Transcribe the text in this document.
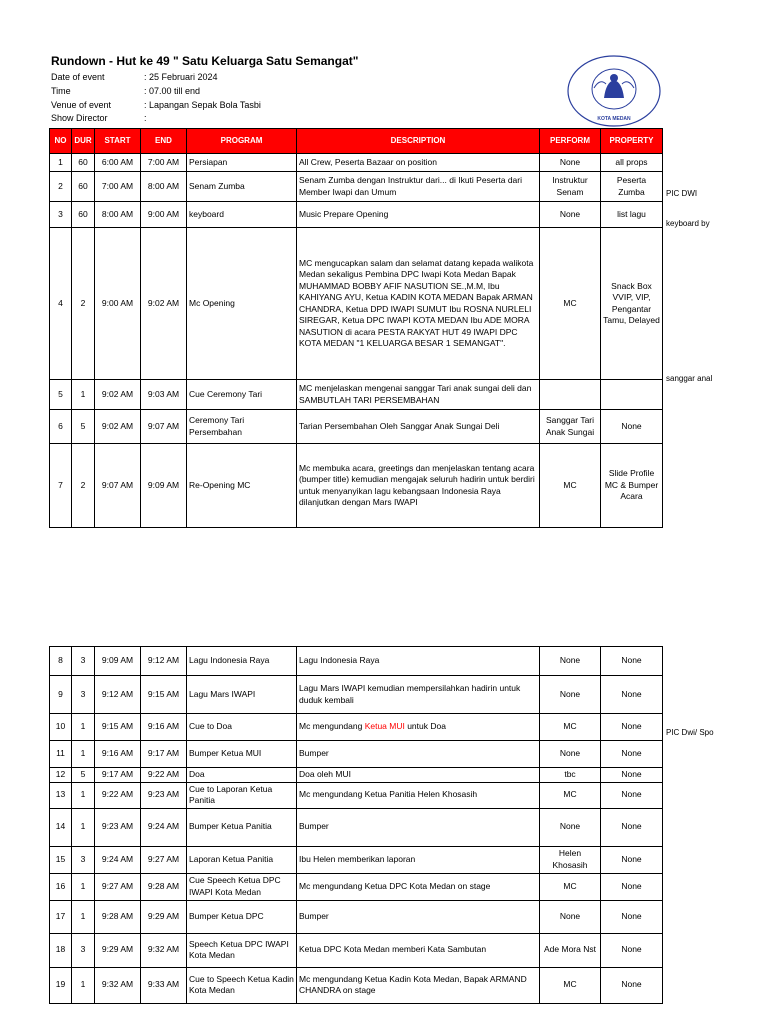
Rundown - Hut ke 49 " Satu Keluarga Satu Semangat"
Date of event	: 25 Februari 2024
Time	: 07.00 till end
Venue of event	: Lapangan Sepak Bola Tasbi
Show Director	:	KOTA MEDAN
NO	DUR	START	END	PROGRAM	DESCRIPTION	PERFORM	PROPERTY
1	60	6:00 AM	7:00 AM	Persiapan	All Crew, Peserta Bazaar on position	None	all props
2	60	7:00 AM	8:00 AM	Senam Zumba	Senam Zumba dengan Instruktur dari... di Ikuti Peserta dari Member Iwapi dan Umum	Instruktur Senam	Peserta Zumba
3	60	8:00 AM	9:00 AM	keyboard	Music Prepare Opening	None	list lagu
4	2	9:00 AM	9:02 AM	Mc Opening	MC mengucapkan salam dan selamat datang kepada walikota Medan sekaligus Pembina DPC Iwapi Kota Medan Bapak MUHAMMAD BOBBY AFIF NASUTION SE.,M.M, Ibu KAHIYANG AYU, Ketua KADIN KOTA MEDAN Bapak ARMAN CHANDRA, Ketua DPD IWAPI SUMUT Ibu ROSNA NURLELI SIREGAR, Ketua DPC IWAPI KOTA MEDAN Ibu ADE MORA NASUTION di acara PESTA RAKYAT HUT 49 IWAPI DPC KOTA MEDAN "1 KELUARGA BESAR 1 SEMANGAT".	MC	Snack Box VVIP, VIP, Pengantar Tamu, Delayed
5	1	9:02 AM	9:03 AM	Cue Ceremony Tari	MC menjelaskan mengenai sanggar Tari anak sungai deli dan SAMBUTLAH TARI PERSEMBAHAN		
6	5	9:02 AM	9:07 AM	Ceremony Tari Persembahan	Tarian Persembahan Oleh Sanggar Anak Sungai Deli	Sanggar Tari Anak Sungai	None
7	2	9:07 AM	9:09 AM	Re-Opening MC	Mc membuka acara, greetings dan menjelaskan tentang acara (bumper title) kemudian mengajak seluruh hadirin untuk berdiri untuk menyanyikan lagu kebangsaan Indonesia Raya dilanjutkan dengan Mars IWAPI	MC	Slide Profile MC & Bumper Acara
8	3	9:09 AM	9:12 AM	Lagu Indonesia Raya	Lagu Indonesia Raya	None	None
9	3	9:12 AM	9:15 AM	Lagu Mars IWAPI	Lagu Mars IWAPI kemudian mempersilahkan hadirin untuk duduk kembali	None	None
10	1	9:15 AM	9:16 AM	Cue to Doa	Mc mengundang Ketua MUI untuk Doa	MC	None
11	1	9:16 AM	9:17 AM	Bumper Ketua MUI	Bumper	None	None
12	5	9:17 AM	9:22 AM	Doa	Doa oleh MUI	tbc	None
13	1	9:22 AM	9:23 AM	Cue to Laporan Ketua Panitia	Mc mengundang Ketua Panitia Helen Khosasih	MC	None
14	1	9:23 AM	9:24 AM	Bumper Ketua Panitia	Bumper	None	None
15	3	9:24 AM	9:27 AM	Laporan Ketua Panitia	Ibu Helen memberikan laporan	Helen Khosasih	None
16	1	9:27 AM	9:28 AM	Cue Speech Ketua DPC IWAPI Kota Medan	Mc mengundang Ketua DPC Kota Medan on stage	MC	None
17	1	9:28 AM	9:29 AM	Bumper Ketua DPC	Bumper	None	None
18	3	9:29 AM	9:32 AM	Speech Ketua DPC IWAPI Kota Medan	Ketua DPC Kota Medan memberi Kata Sambutan	Ade Mora Nst	None
19	1	9:32 AM	9:33 AM	Cue to Speech Ketua Kadin Kota Medan	Mc mengundang Ketua Kadin Kota Medan, Bapak ARMAND CHANDRA on stage	MC	None
PIC DWI
keyboard by
sanggar anal
PIC Dwi/ Spo
